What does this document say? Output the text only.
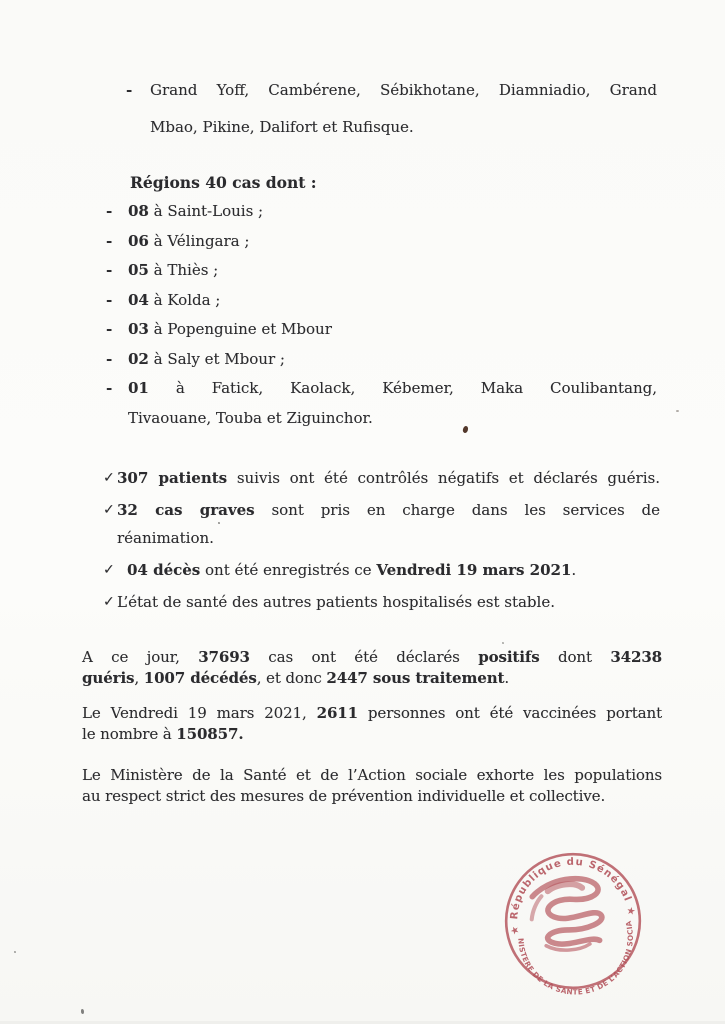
- Grand Yoff, Cambérene, Sébikhotane, Diamniadio, Grand
Mbao, Pikine, Dalifort et Rufisque.
Régions 40 cas dont :
- 08 à Saint-Louis ;
- 06 à Vélingara ;
- 05 à Thiès ;
- 04 à Kolda ;
- 03 à Popenguine et Mbour
- 02 à Saly et Mbour ;
- 01 à Fatick, Kaolack, Kébemer, Maka Coulibantang,
Tivaouane, Touba et Ziguinchor.
✓ 307 patients suivis ont été contrôlés négatifs et déclarés guéris.
✓ 32 cas graves sont pris en charge dans les services de
réanimation.
✓ 04 décès ont été enregistrés ce Vendredi 19 mars 2021.
✓ L’état de santé des autres patients hospitalisés est stable.
A ce jour, 37693 cas ont été déclarés positifs dont 34238
guéris, 1007 décédés, et donc 2447 sous traitement.
Le Vendredi 19 mars 2021, 2611 personnes ont été vaccinées portant
le nombre à 150857.
Le Ministère de la Santé et de l’Action sociale exhorte les populations
au respect strict des mesures de prévention individuelle et collective.
★ République du Sénégal ★
MINISTERE DE LA SANTE ET DE L’ACTION SOCIALE
